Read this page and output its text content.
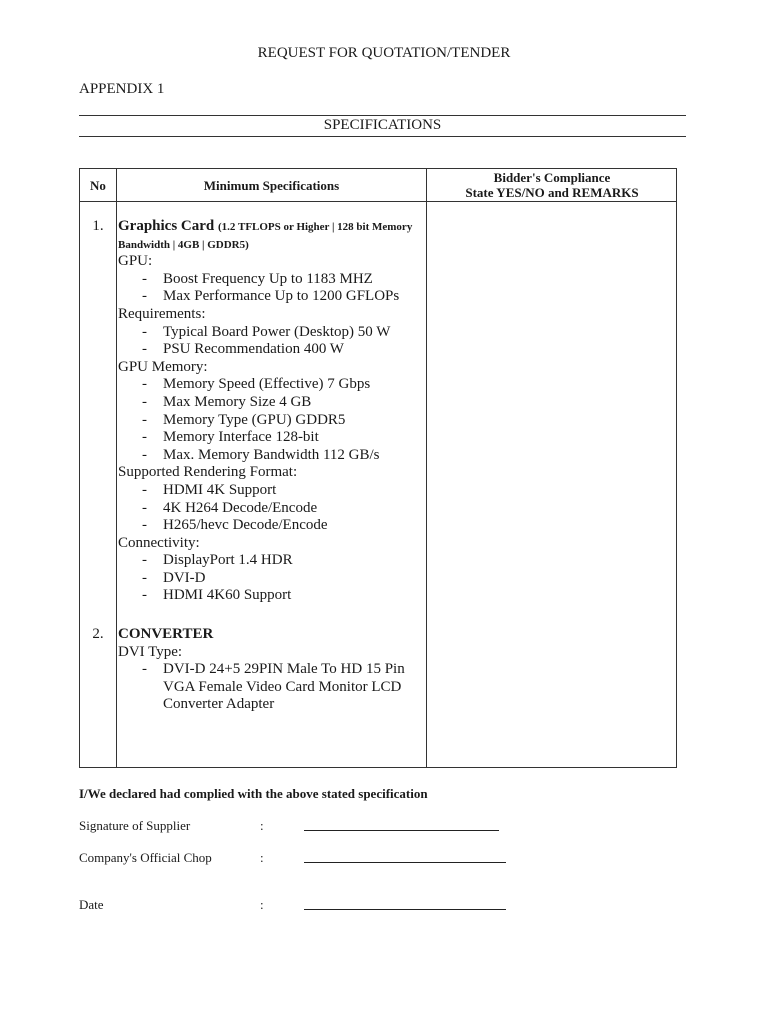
REQUEST FOR QUOTATION/TENDER
APPENDIX 1
SPECIFICATIONS
No	Minimum Specifications	Bidder's Compliance
State YES/NO and REMARKS
1. Graphics Card (1.2 TFLOPS or Higher | 128 bit Memory Bandwidth | 4GB | GDDR5)

GPU:

- Boost Frequency Up to 1183 MHZ
- Max Performance Up to 1200 GFLOPs

Requirements:

- Typical Board Power (Desktop) 50 W
- PSU Recommendation 400 W

GPU Memory:

- Memory Speed (Effective) 7 Gbps
- Max Memory Size 4 GB
- Memory Type (GPU) GDDR5
- Memory Interface 128-bit
- Max. Memory Bandwidth 112 GB/s

Supported Rendering Format:

- HDMI 4K Support
- 4K H264 Decode/Encode
- H265/hevc Decode/Encode

Connectivity:

- DisplayPort 1.4 HDR
- DVI-D
- HDMI 4K60 Support
2. CONVERTER

DVI Type:

- DVI-D 24+5 29PIN Male To HD 15 Pin VGA Female Video Card Monitor LCD Converter Adapter
I/We declared had complied with the above stated specification
Signature of Supplier	:
Company's Official Chop	:
Date	:
